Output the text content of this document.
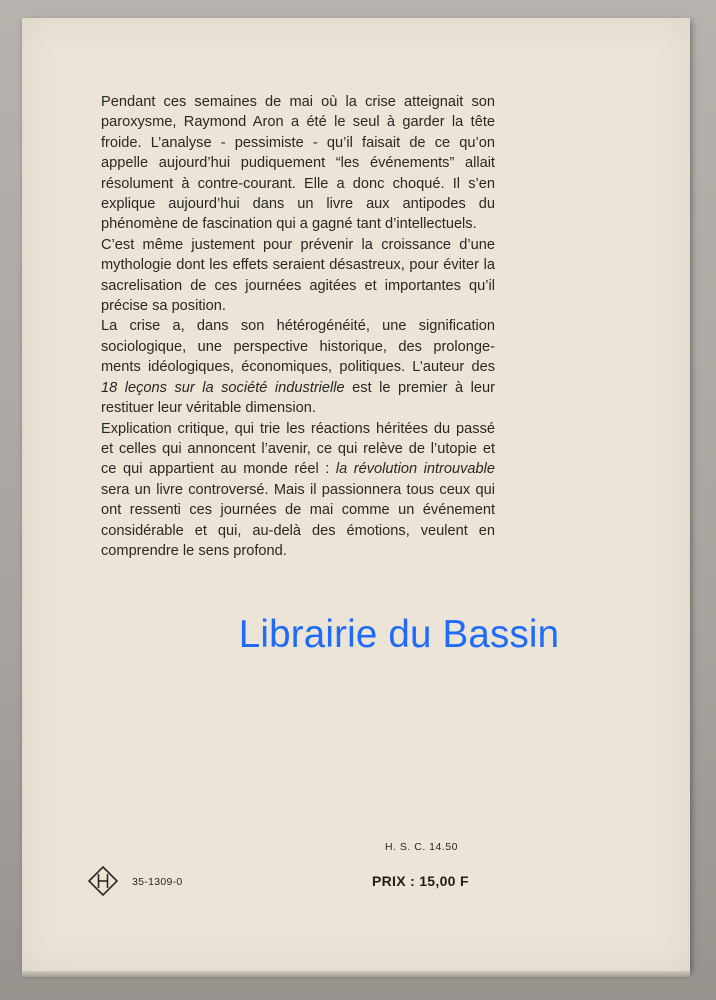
Pendant ces semaines de mai où la crise atteignait son paroxysme, Raymond Aron a été le seul à garder la tête froide. L’analyse - pessimiste - qu’il faisait de ce qu’on appelle aujourd’hui pudiquement “les événements” allait résolument à contre-courant. Elle a donc choqué. Il s’en explique aujourd’hui dans un livre aux antipodes du phénomène de fascination qui a gagné tant d’intellectuels.

C’est même justement pour prévenir la croissance d’une mythologie dont les effets seraient désastreux, pour éviter la sacrelisation de ces journées agitées et importantes qu’il précise sa position.

La crise a, dans son hétérogénéité, une signification sociologique, une perspective historique, des prolonge-ments idéologiques, économiques, politiques. L’auteur des 18 leçons sur la société industrielle est le premier à leur restituer leur véritable dimension.

Explication critique, qui trie les réactions héritées du passé et celles qui annoncent l’avenir, ce qui relève de l’utopie et ce qui appartient au monde réel : la révolution introuvable sera un livre controversé. Mais il passionnera tous ceux qui ont ressenti ces journées de mai comme un événement considérable et qui, au-delà des émotions, veulent en comprendre le sens profond.

Librairie du Bassin
H. S. C. 14.50
PRIX : 15,00 F
35-1309-0
